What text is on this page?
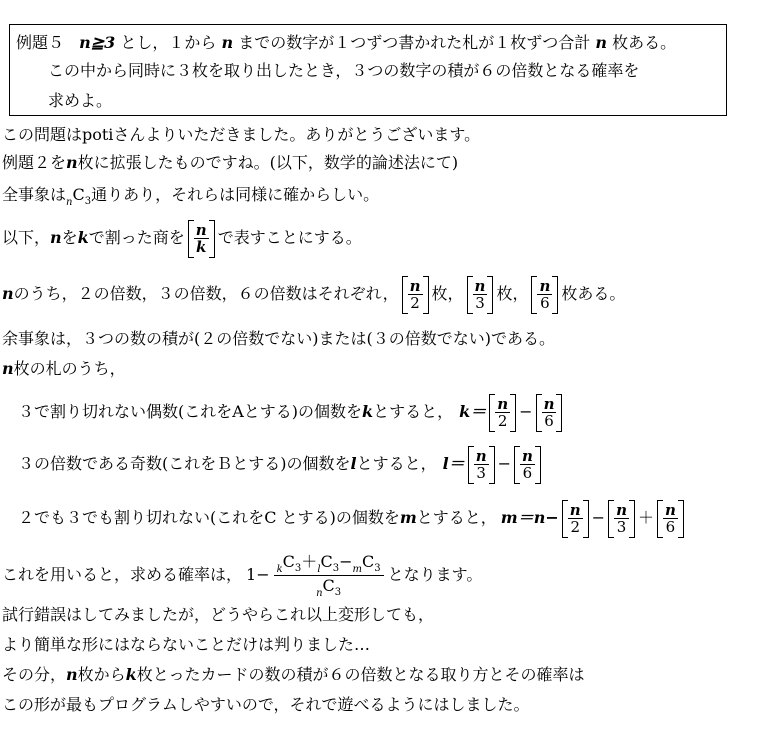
例題５ n≧3 とし，１から n までの数字が１つずつ書かれた札が１枚ずつ合計 n 枚ある。
この中から同時に３枚を取り出したとき，３つの数字の積が６の倍数となる確率を
求めよ。
この問題はpotiさんよりいただきました。ありがとうございます。
例題２をn枚に拡張したものですね。(以下，数学的論述法にて)
全事象は$_nC_3$通りあり，それらは同様に確からしい。
以下，nをkで割った商を $\frac{n}{k}$ で表すことにする。
nのうち，２の倍数，３の倍数，６の倍数はそれぞれ， $\frac{n}{2}$ 枚， $\frac{n}{3}$ 枚， $\frac{n}{6}$ 枚ある。
余事象は，３つの数の積が(２の倍数でない)または(３の倍数でない)である。
n枚の札のうち，
３で割り切れない偶数(これをAとする)の個数をkとすると， $k= \frac{n}{2} - \frac{n}{6}$
３の倍数である奇数(これをＢとする)の個数をlとすると， $l= \frac{n}{3} - \frac{n}{6}$
２でも３でも割り切れない(これをC とする)の個数をmとすると， $m=n- \frac{n}{2} - \frac{n}{3} + \frac{n}{6}$
これを用いると，求める確率は， $1- \frac{_kC_3+_lC_3-_mC_3}{_nC_3}$ となります。
試行錯誤はしてみましたが，どうやらこれ以上変形しても，
より簡単な形にはならないことだけは判りました…
その分，n枚からk枚とったカードの数の積が６の倍数となる取り方とその確率は
この形が最もプログラムしやすいので，それで遊べるようにはしました。
